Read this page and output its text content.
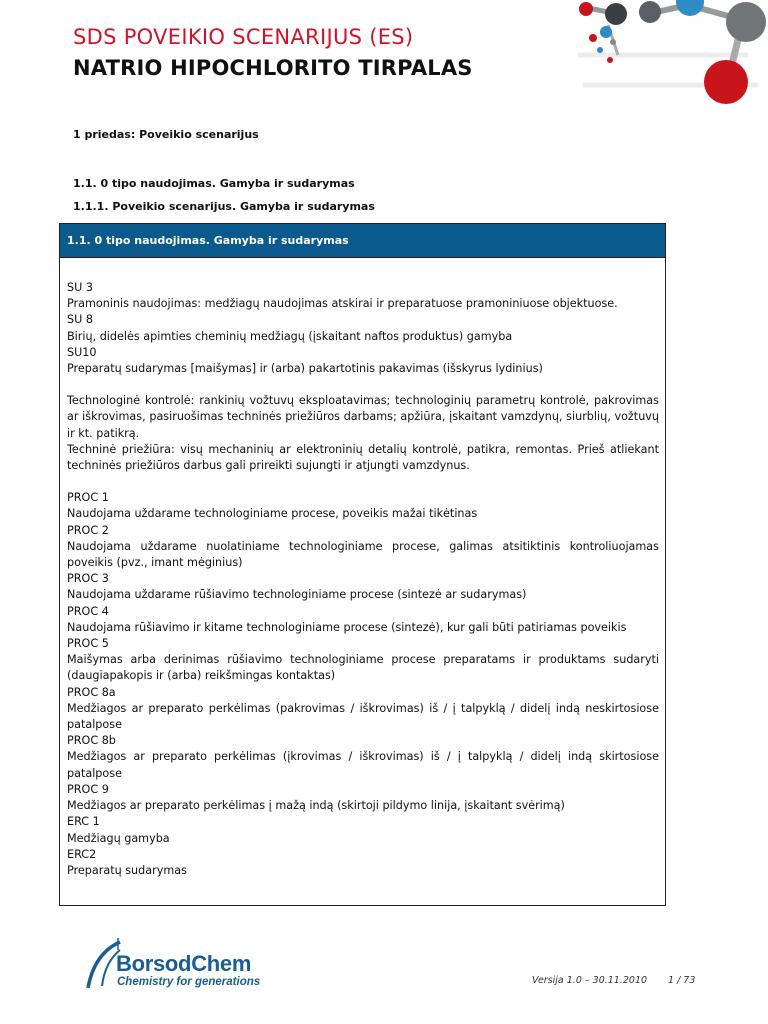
SDS POVEIKIO SCENARIJUS (ES)
NATRIO HIPOCHLORITO TIRPALAS
1 priedas: Poveikio scenarijus
1.1. 0 tipo naudojimas. Gamyba ir sudarymas
1.1.1. Poveikio scenarijus. Gamyba ir sudarymas
1.1. 0 tipo naudojimas. Gamyba ir sudarymas
SU 3
Pramoninis naudojimas: medžiagų naudojimas atskirai ir preparatuose pramoniniuose objektuose.
SU 8
Birių, didelės apimties cheminių medžiagų (įskaitant naftos produktus) gamyba
SU10
Preparatų sudarymas [maišymas] ir (arba) pakartotinis pakavimas (išskyrus lydinius)
Technologinė kontrolė: rankinių vožtuvų eksploatavimas; technologinių parametrų kontrolė, pakrovimas ar iškrovimas, pasiruošimas techninės priežiūros darbams; apžiūra, įskaitant vamzdynų, siurblių, vožtuvų ir kt. patikrą.
Techninė priežiūra: visų mechaninių ar elektroninių detalių kontrolė, patikra, remontas. Prieš atliekant techninės priežiūros darbus gali prireikti sujungti ir atjungti vamzdynus.
PROC 1
Naudojama uždarame technologiniame procese, poveikis mažai tikėtinas
PROC 2
Naudojama uždarame nuolatiniame technologiniame procese, galimas atsitiktinis kontroliuojamas poveikis (pvz., imant mėginius)
PROC 3
Naudojama uždarame rūšiavimo technologiniame procese (sintezė ar sudarymas)
PROC 4
Naudojama rūšiavimo ir kitame technologiniame procese (sintezė), kur gali būti patiriamas poveikis
PROC 5
Maišymas arba derinimas rūšiavimo technologiniame procese preparatams ir produktams sudaryti (daugiapakopis ir (arba) reikšmingas kontaktas)
PROC 8a
Medžiagos ar preparato perkėlimas (pakrovimas / iškrovimas) iš / į talpyklą / didelį indą neskirtosiose patalpose
PROC 8b
Medžiagos ar preparato perkėlimas (įkrovimas / iškrovimas) iš / į talpyklą / didelį indą skirtosiose patalpose
PROC 9
Medžiagos ar preparato perkėlimas į mažą indą (skirtoji pildymo linija, įskaitant svėrimą)
ERC 1
Medžiagų gamyba
ERC2
Preparatų sudarymas
BorsodChem
Chemistry for generations	Versija 1.0 – 30.11.2010 1 / 73
